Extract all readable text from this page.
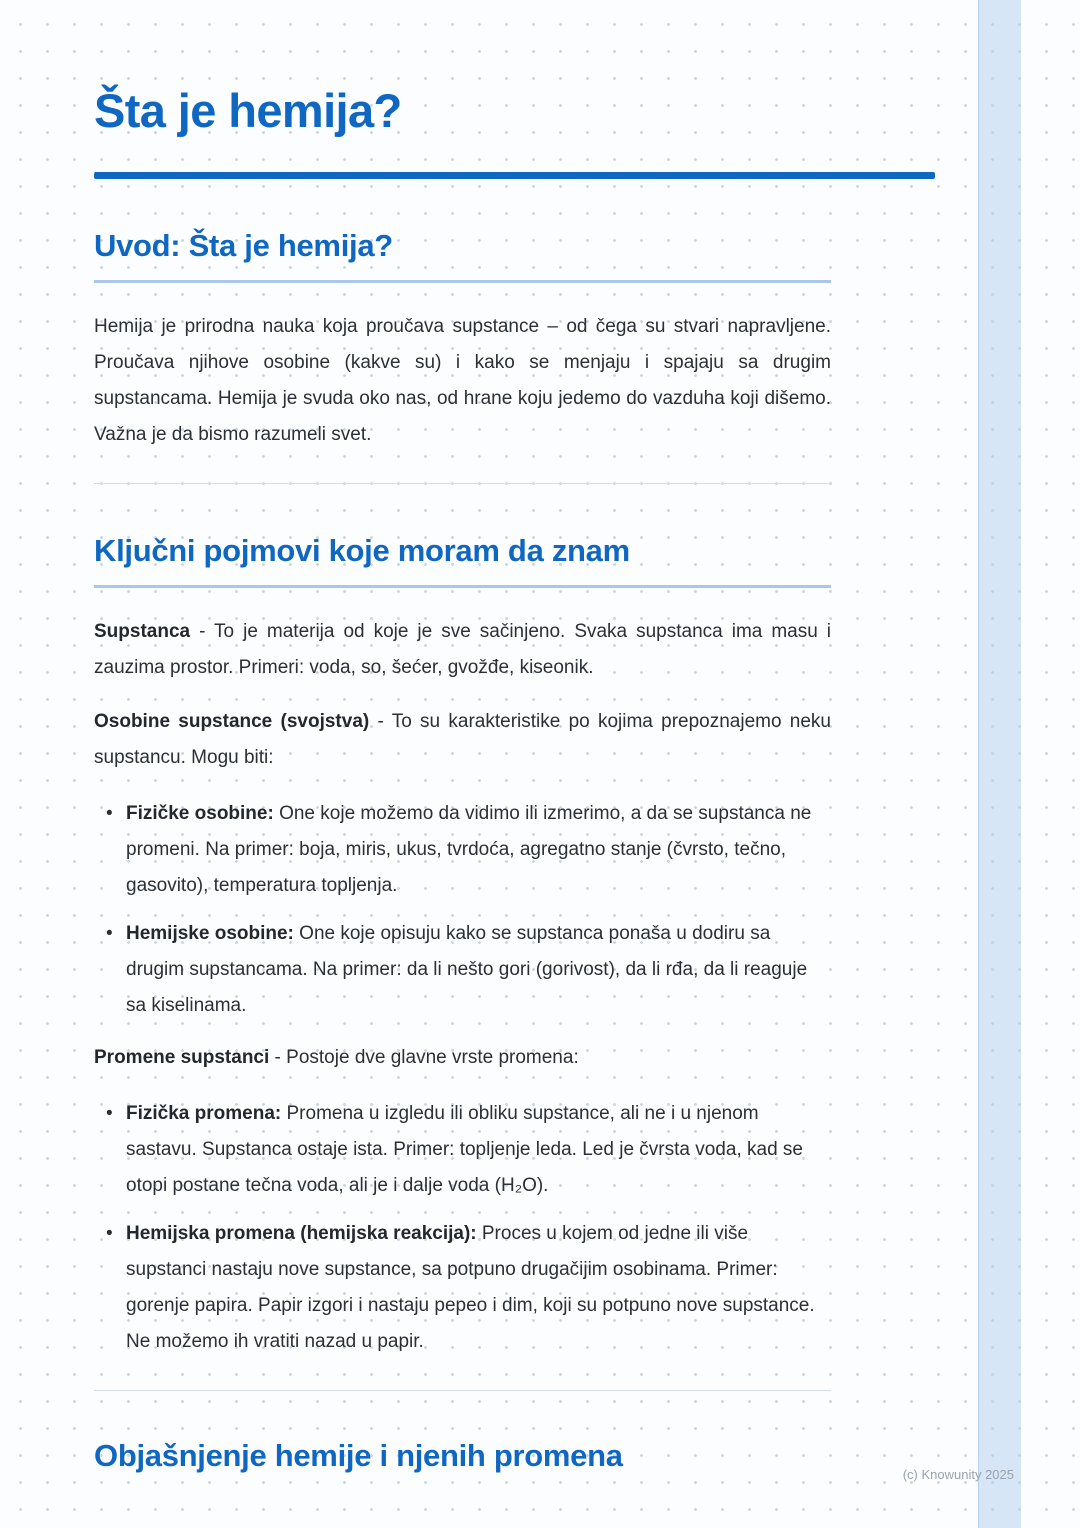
Šta je hemija?
Uvod: Šta je hemija?

Hemija je prirodna nauka koja proučava supstance – od čega su stvari napravljene. Proučava njihove osobine (kakve su) i kako se menjaju i spajaju sa drugim supstancama. Hemija je svuda oko nas, od hrane koju jedemo do vazduha koji dišemo. Važna je da bismo razumeli svet.

Ključni pojmovi koje moram da znam

Supstanca - To je materija od koje je sve sačinjeno. Svaka supstanca ima masu i zauzima prostor. Primeri: voda, so, šećer, gvožđe, kiseonik.

Osobine supstance (svojstva) - To su karakteristike po kojima prepoznajemo neku supstancu. Mogu biti:

• Fizičke osobine: One koje možemo da vidimo ili izmerimo, a da se supstanca ne promeni. Na primer: boja, miris, ukus, tvrdoća, agregatno stanje (čvrsto, tečno, gasovito), temperatura topljenja.
• Hemijske osobine: One koje opisuju kako se supstanca ponaša u dodiru sa drugim supstancama. Na primer: da li nešto gori (gorivost), da li rđa, da li reaguje sa kiselinama.

Promene supstanci - Postoje dve glavne vrste promena:

• Fizička promena: Promena u izgledu ili obliku supstance, ali ne i u njenom sastavu. Supstanca ostaje ista. Primer: topljenje leda. Led je čvrsta voda, kad se otopi postane tečna voda, ali je i dalje voda (H₂O).
• Hemijska promena (hemijska reakcija): Proces u kojem od jedne ili više supstanci nastaju nove supstance, sa potpuno drugačijim osobinama. Primer: gorenje papira. Papir izgori i nastaju pepeo i dim, koji su potpuno nove supstance. Ne možemo ih vratiti nazad u papir.
Objašnjenje hemije i njenih promena
(c) Knowunity 2025
